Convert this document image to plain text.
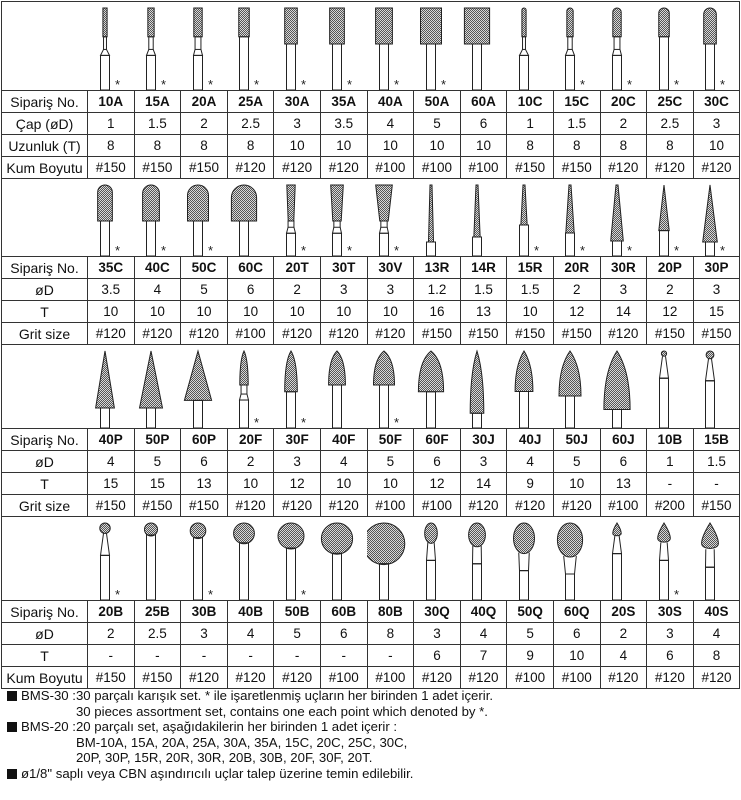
*	*	*	*	*	*	*	*			*	*	*	*

Sipariş No.	10A	15A	20A	25A	30A	35A	40A	50A	60A	10C	15C	20C	25C	30C
Çap (øD)	1	1.5	2	2.5	3	3.5	4	5	6	1	1.5	2	2.5	3
Uzunluk (T)	8	8	8	8	10	10	10	10	10	8	8	8	8	10
Kum Boyutu	#150	#150	#150	#120	#120	#120	#100	#100	#100	#150	#150	#120	#120	#120

*	*	*		*	*	*			*	*	*	*	*

Sipariş No.	35C	40C	50C	60C	20T	30T	30V	13R	14R	15R	20R	30R	20P	30P
øD	3.5	4	5	6	2	3	3	1.2	1.5	1.5	2	3	2	3
T	10	10	10	10	10	10	10	16	13	10	12	14	12	15
Grit size	#120	#120	#120	#100	#120	#120	#120	#150	#150	#150	#150	#120	#150	#150

*	*		*

Sipariş No.	40P	50P	60P	20F	30F	40F	50F	60F	30J	40J	50J	60J	10B	15B
øD	4	5	6	2	3	4	5	6	3	4	5	6	1	1.5
T	15	15	13	10	12	10	10	12	14	9	10	13	-	-
Grit size	#150	#150	#150	#120	#120	#120	#100	#100	#120	#120	#120	#100	#200	#150

*		*		*								*

Sipariş No.	20B	25B	30B	40B	50B	60B	80B	30Q	40Q	50Q	60Q	20S	30S	40S
øD	2	2.5	3	4	5	6	8	3	4	5	6	2	3	4
T	-	-	-	-	-	-	-	6	7	9	10	4	6	8
Kum Boyutu	#150	#150	#120	#120	#120	#100	#100	#120	#120	#100	#100	#120	#120	#120
BMS-30 : 30 parçalı karışık set. * ile işaretlenmiş uçların her birinden 1 adet içerir.
30 pieces assortment set, contains one each point which denoted by *.
BMS-20 : 20 parçalı set, aşağıdakilerin her birinden 1 adet içerir :
BM-10A, 15A, 20A, 25A, 30A, 35A, 15C, 20C, 25C, 30C,
20P, 30P, 15R, 20R, 30R, 20B, 30B, 20F, 30F, 20T.
ø1/8" saplı veya CBN aşındırıcılı uçlar talep üzerine temin edilebilir.
